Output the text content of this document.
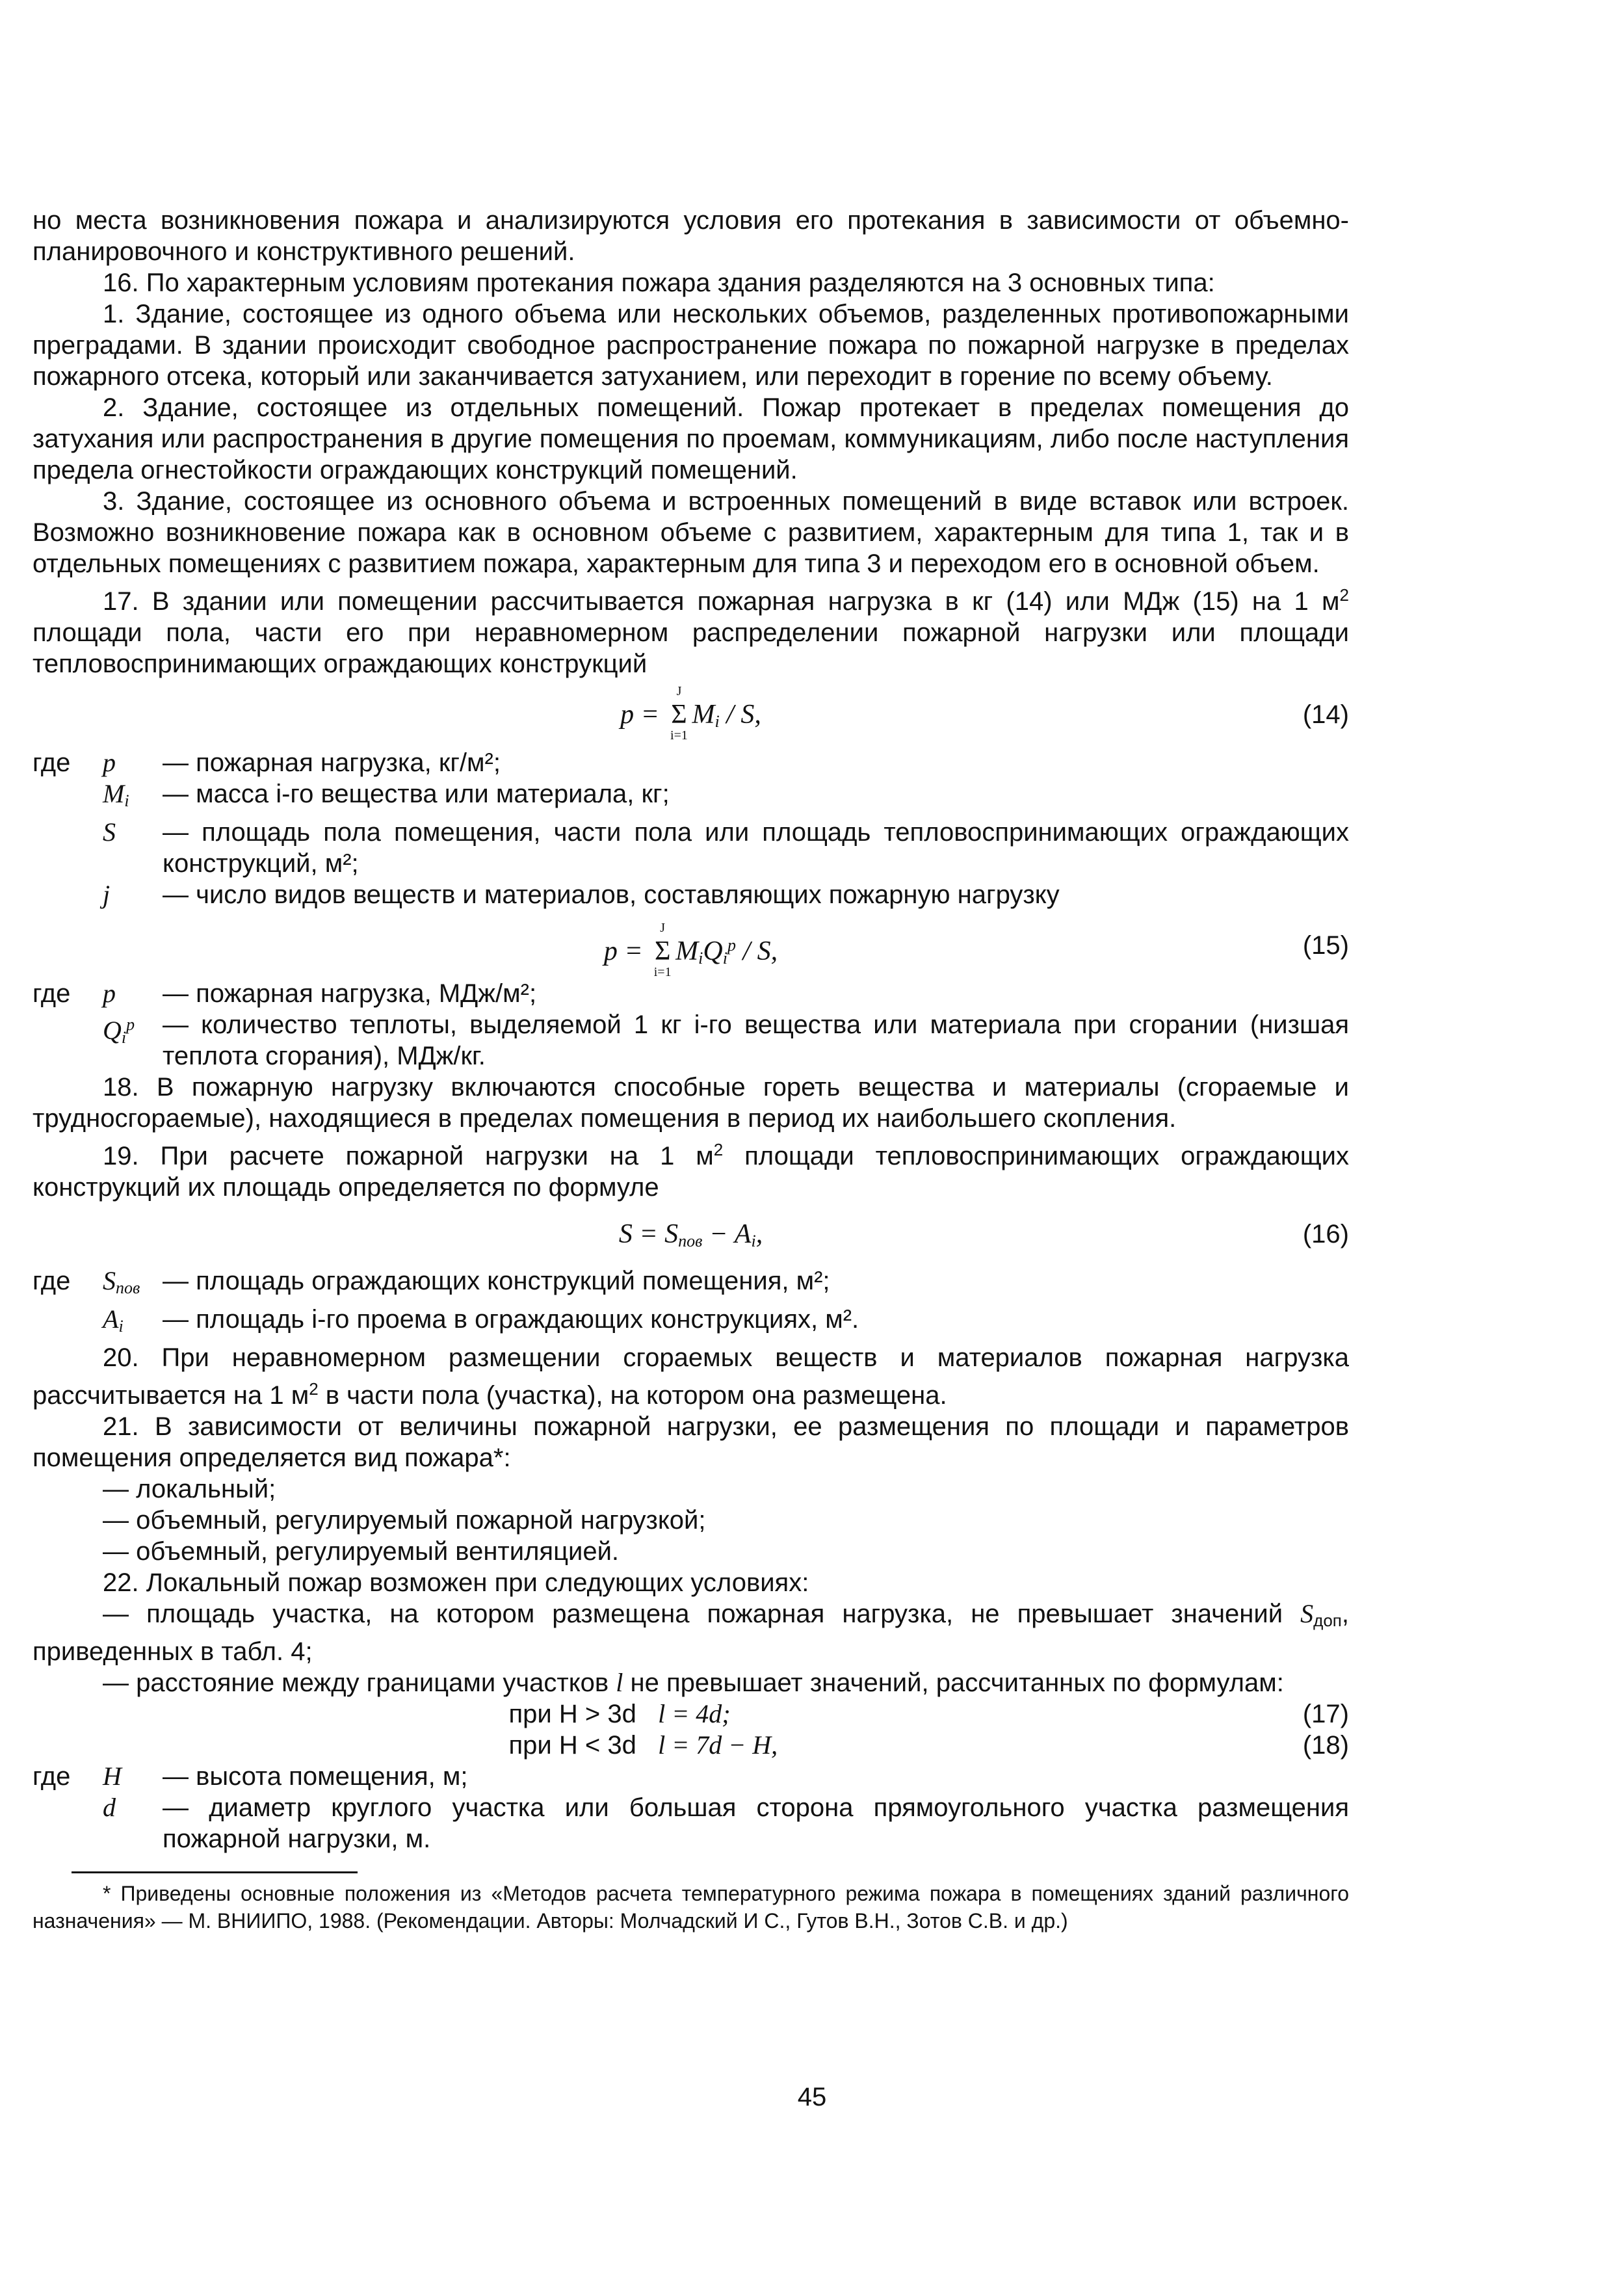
но места возникновения пожара и анализируются условия его протекания в зависимости от объемно-планировочного и конструктивного решений.

16. По характерным условиям протекания пожара здания разделяются на 3 основных типа:

1. Здание, состоящее из одного объема или нескольких объемов, разделенных противопожарными преградами. В здании происходит свободное распространение пожара по пожарной нагрузке в пределах пожарного отсека, который или заканчивается затуханием, или переходит в горение по всему объему.

2. Здание, состоящее из отдельных помещений. Пожар протекает в пределах помещения до затухания или распространения в другие помещения по проемам, коммуникациям, либо после наступления предела огнестойкости ограждающих конструкций помещений.

3. Здание, состоящее из основного объема и встроенных помещений в виде вставок или встроек. Возможно возникновение пожара как в основном объеме с развитием, характерным для типа 1, так и в отдельных помещениях с развитием пожара, характерным для типа 3 и переходом его в основной объем.

17. В здании или помещении рассчитывается пожарная нагрузка в кг (14) или МДж (15) на 1 $м^2$ площади пола, части его при неравномерном распределении пожарной нагрузки или площади тепловоспринимающих ограждающих конструкций

p = Σ
J
i=1
$M_i$ / S,	(14)
где	p	— пожарная нагрузка, кг/м²;
$M_i$	— масса i-го вещества или материала, кг;
S	— площадь пола помещения, части пола или площадь тепловоспринимающих ограждающих конструкций, м²;
j	— число видов веществ и материалов, составляющих пожарную нагрузку
p = Σ
J
i=1
$M_iQ_i^p$ / S,	(15)
где	p	— пожарная нагрузка, МДж/м²;
$Q_i^p$	— количество теплоты, выделяемой 1 кг i-го вещества или материала при сгорании (низшая теплота сгорания), МДж/кг.

18. В пожарную нагрузку включаются способные гореть вещества и материалы (сгораемые и трудносгораемые), находящиеся в пределах помещения в период их наибольшего скопления.

19. При расчете пожарной нагрузки на 1 $м^2$ площади тепловоспринимающих ограждающих конструкций их площадь определяется по формуле

$S = S_{пов} - A_i$,	(16)
где	$S_{пов}$ — площадь ограждающих конструкций помещения, м²;
$A_i$	— площадь i-го проема в ограждающих конструкциях, м².

20. При неравномерном размещении сгораемых веществ и материалов пожарная нагрузка рассчитывается на 1 $м^2$ в части пола (участка), на котором она размещена.

21. В зависимости от величины пожарной нагрузки, ее размещения по площади и параметров помещения определяется вид пожара*:

— локальный;

— объемный, регулируемый пожарной нагрузкой;

— объемный, регулируемый вентиляцией.

22. Локальный пожар возможен при следующих условиях:

— площадь участка, на котором размещена пожарная нагрузка, не превышает значений $S_{доп}$, приведенных в табл. 4;

— расстояние между границами участков l не превышает значений, рассчитанных по формулам:

при H > 3d l = 4d;	(17)
при H < 3d l = 7d − H,	(18)
где	H	— высота помещения, м;
d	— диаметр круглого участка или большая сторона прямоугольного участка размещения пожарной нагрузки, м.

* Приведены основные положения из «Методов расчета температурного режима пожара в помещениях зданий различного назначения» — М. ВНИИПО, 1988. (Рекомендации. Авторы: Молчадский И С., Гутов В.Н., Зотов С.В. и др.)

45
